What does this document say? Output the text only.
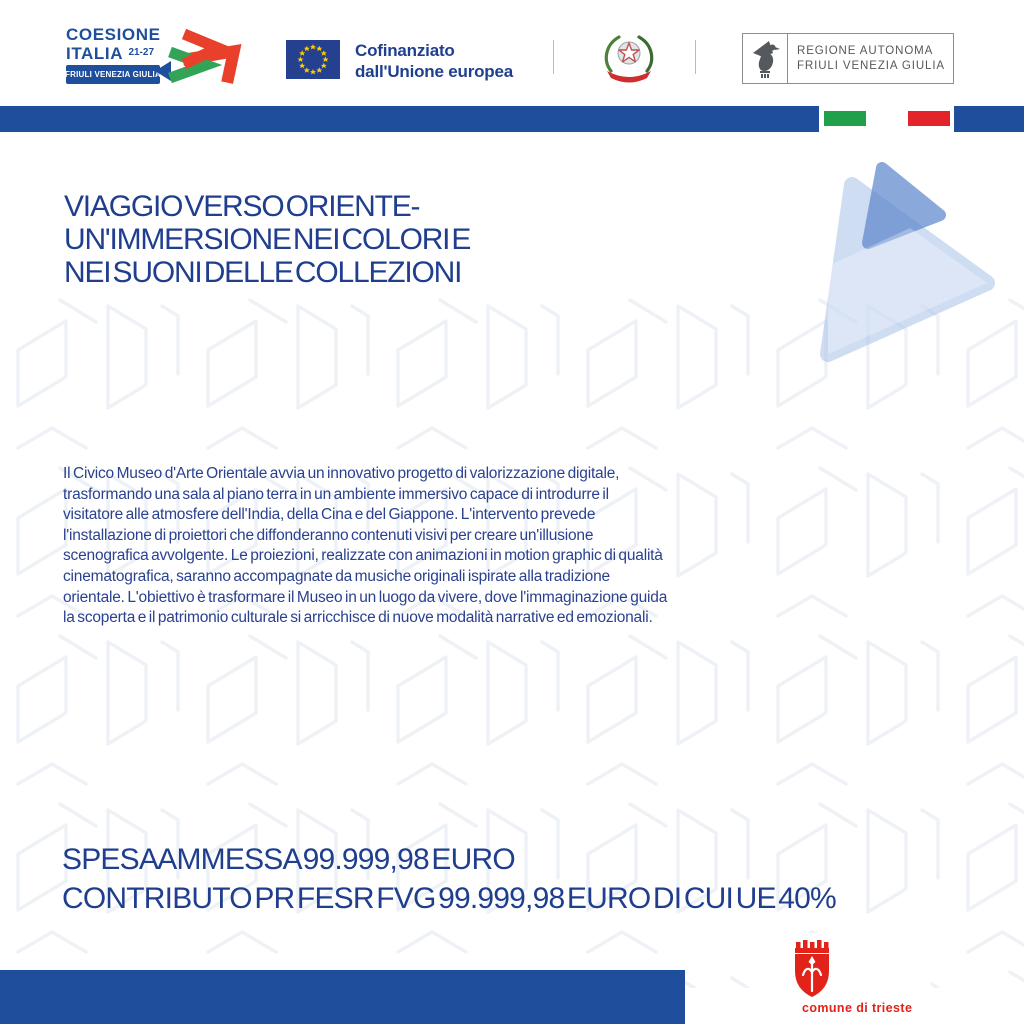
COESIONE
ITALIA $^{21-27}$
FRIULI VENEZIA GIULIA
Cofinanziato
dall'Unione europea
REGIONE AUTONOMA
FRIULI VENEZIA GIULIA
VIAGGIO VERSO ORIENTE-
UN'IMMERSIONE NEI COLORI E
NEI SUONI DELLE COLLEZIONI
Il Civico Museo d'Arte Orientale avvia un innovativo progetto di valorizzazione digitale,
trasformando una sala al piano terra in un ambiente immersivo capace di introdurre il
visitatore alle atmosfere dell'India, della Cina e del Giappone. L'intervento prevede
l'installazione di proiettori che diffonderanno contenuti visivi per creare un'illusione
scenografica avvolgente. Le proiezioni, realizzate con animazioni in motion graphic di qualità
cinematografica, saranno accompagnate da musiche originali ispirate alla tradizione
orientale. L'obiettivo è trasformare il Museo in un luogo da vivere, dove l'immaginazione guida
la scoperta e il patrimonio culturale si arricchisce di nuove modalità narrative ed emozionali.
SPESA AMMESSA 99.999,98 EURO
CONTRIBUTO PR FESR FVG 99.999,98 EURO DI CUI UE 40%
comune di trieste
